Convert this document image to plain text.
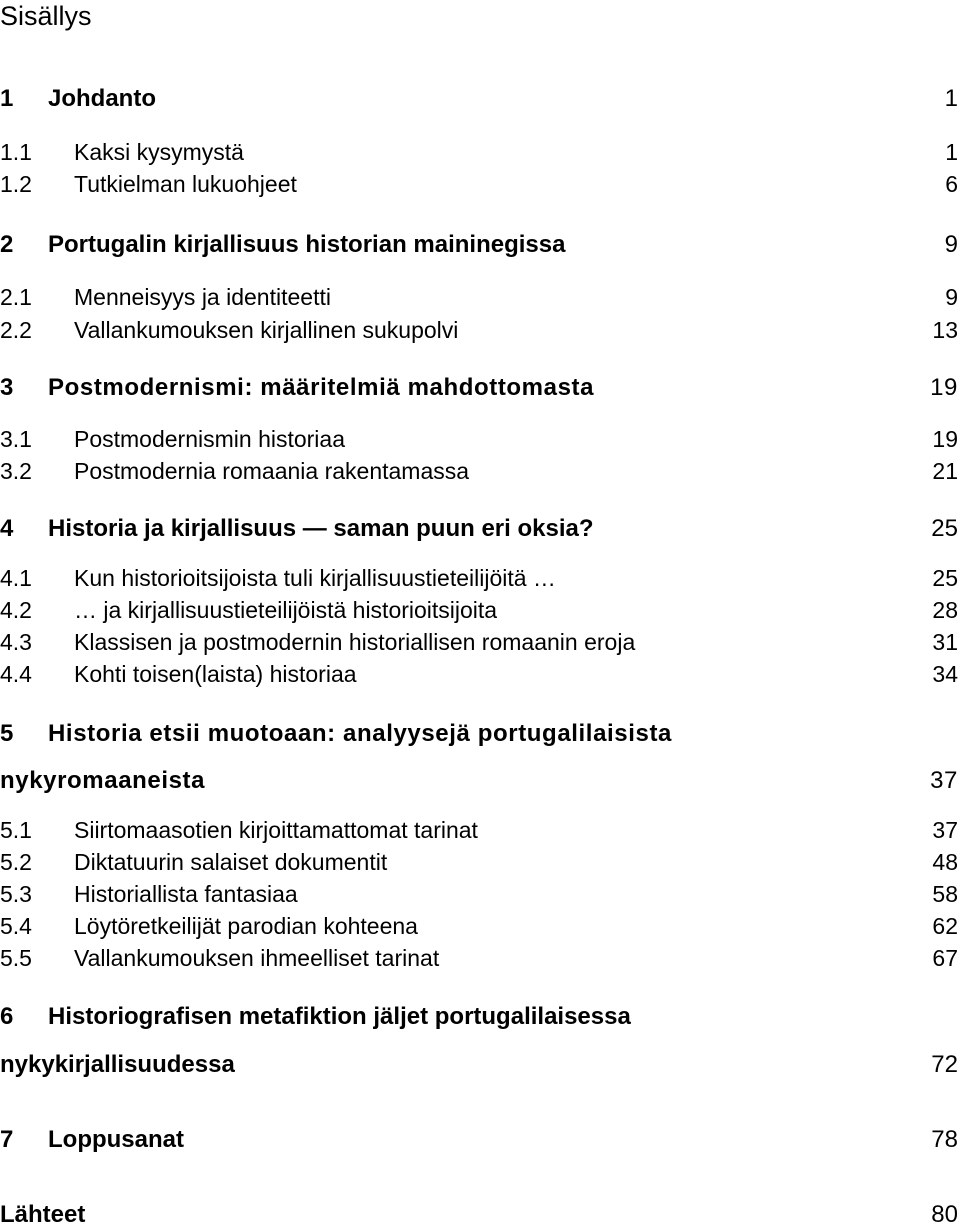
Sisällys
1 Johdanto	1
1.1 Kaksi kysymystä	1
1.2 Tutkielman lukuohjeet	6
2 Portugalin kirjallisuus historian maininegissa	9
2.1 Menneisyys ja identiteetti	9
2.2 Vallankumouksen kirjallinen sukupolvi	13
3 Postmodernismi: määritelmiä mahdottomasta	19
3.1 Postmodernismin historiaa	19
3.2 Postmodernia romaania rakentamassa	21
4 Historia ja kirjallisuus — saman puun eri oksia?	25
4.1 Kun historioitsijoista tuli kirjallisuustieteilijöitä …	25
4.2 … ja kirjallisuustieteilijöistä historioitsijoita	28
4.3 Klassisen ja postmodernin historiallisen romaanin eroja	31
4.4 Kohti toisen(laista) historiaa	34
5 Historia etsii muotoaan: analyysejä portugalilaisista
nykyromaaneista	37
5.1 Siirtomaasotien kirjoittamattomat tarinat	37
5.2 Diktatuurin salaiset dokumentit	48
5.3 Historiallista fantasiaa	58
5.4 Löytöretkeilijät parodian kohteena	62
5.5 Vallankumouksen ihmeelliset tarinat	67
6 Historiografisen metafiktion jäljet portugalilaisessa
nykykirjallisuudessa	72
7 Loppusanat	78
Lähteet	80
